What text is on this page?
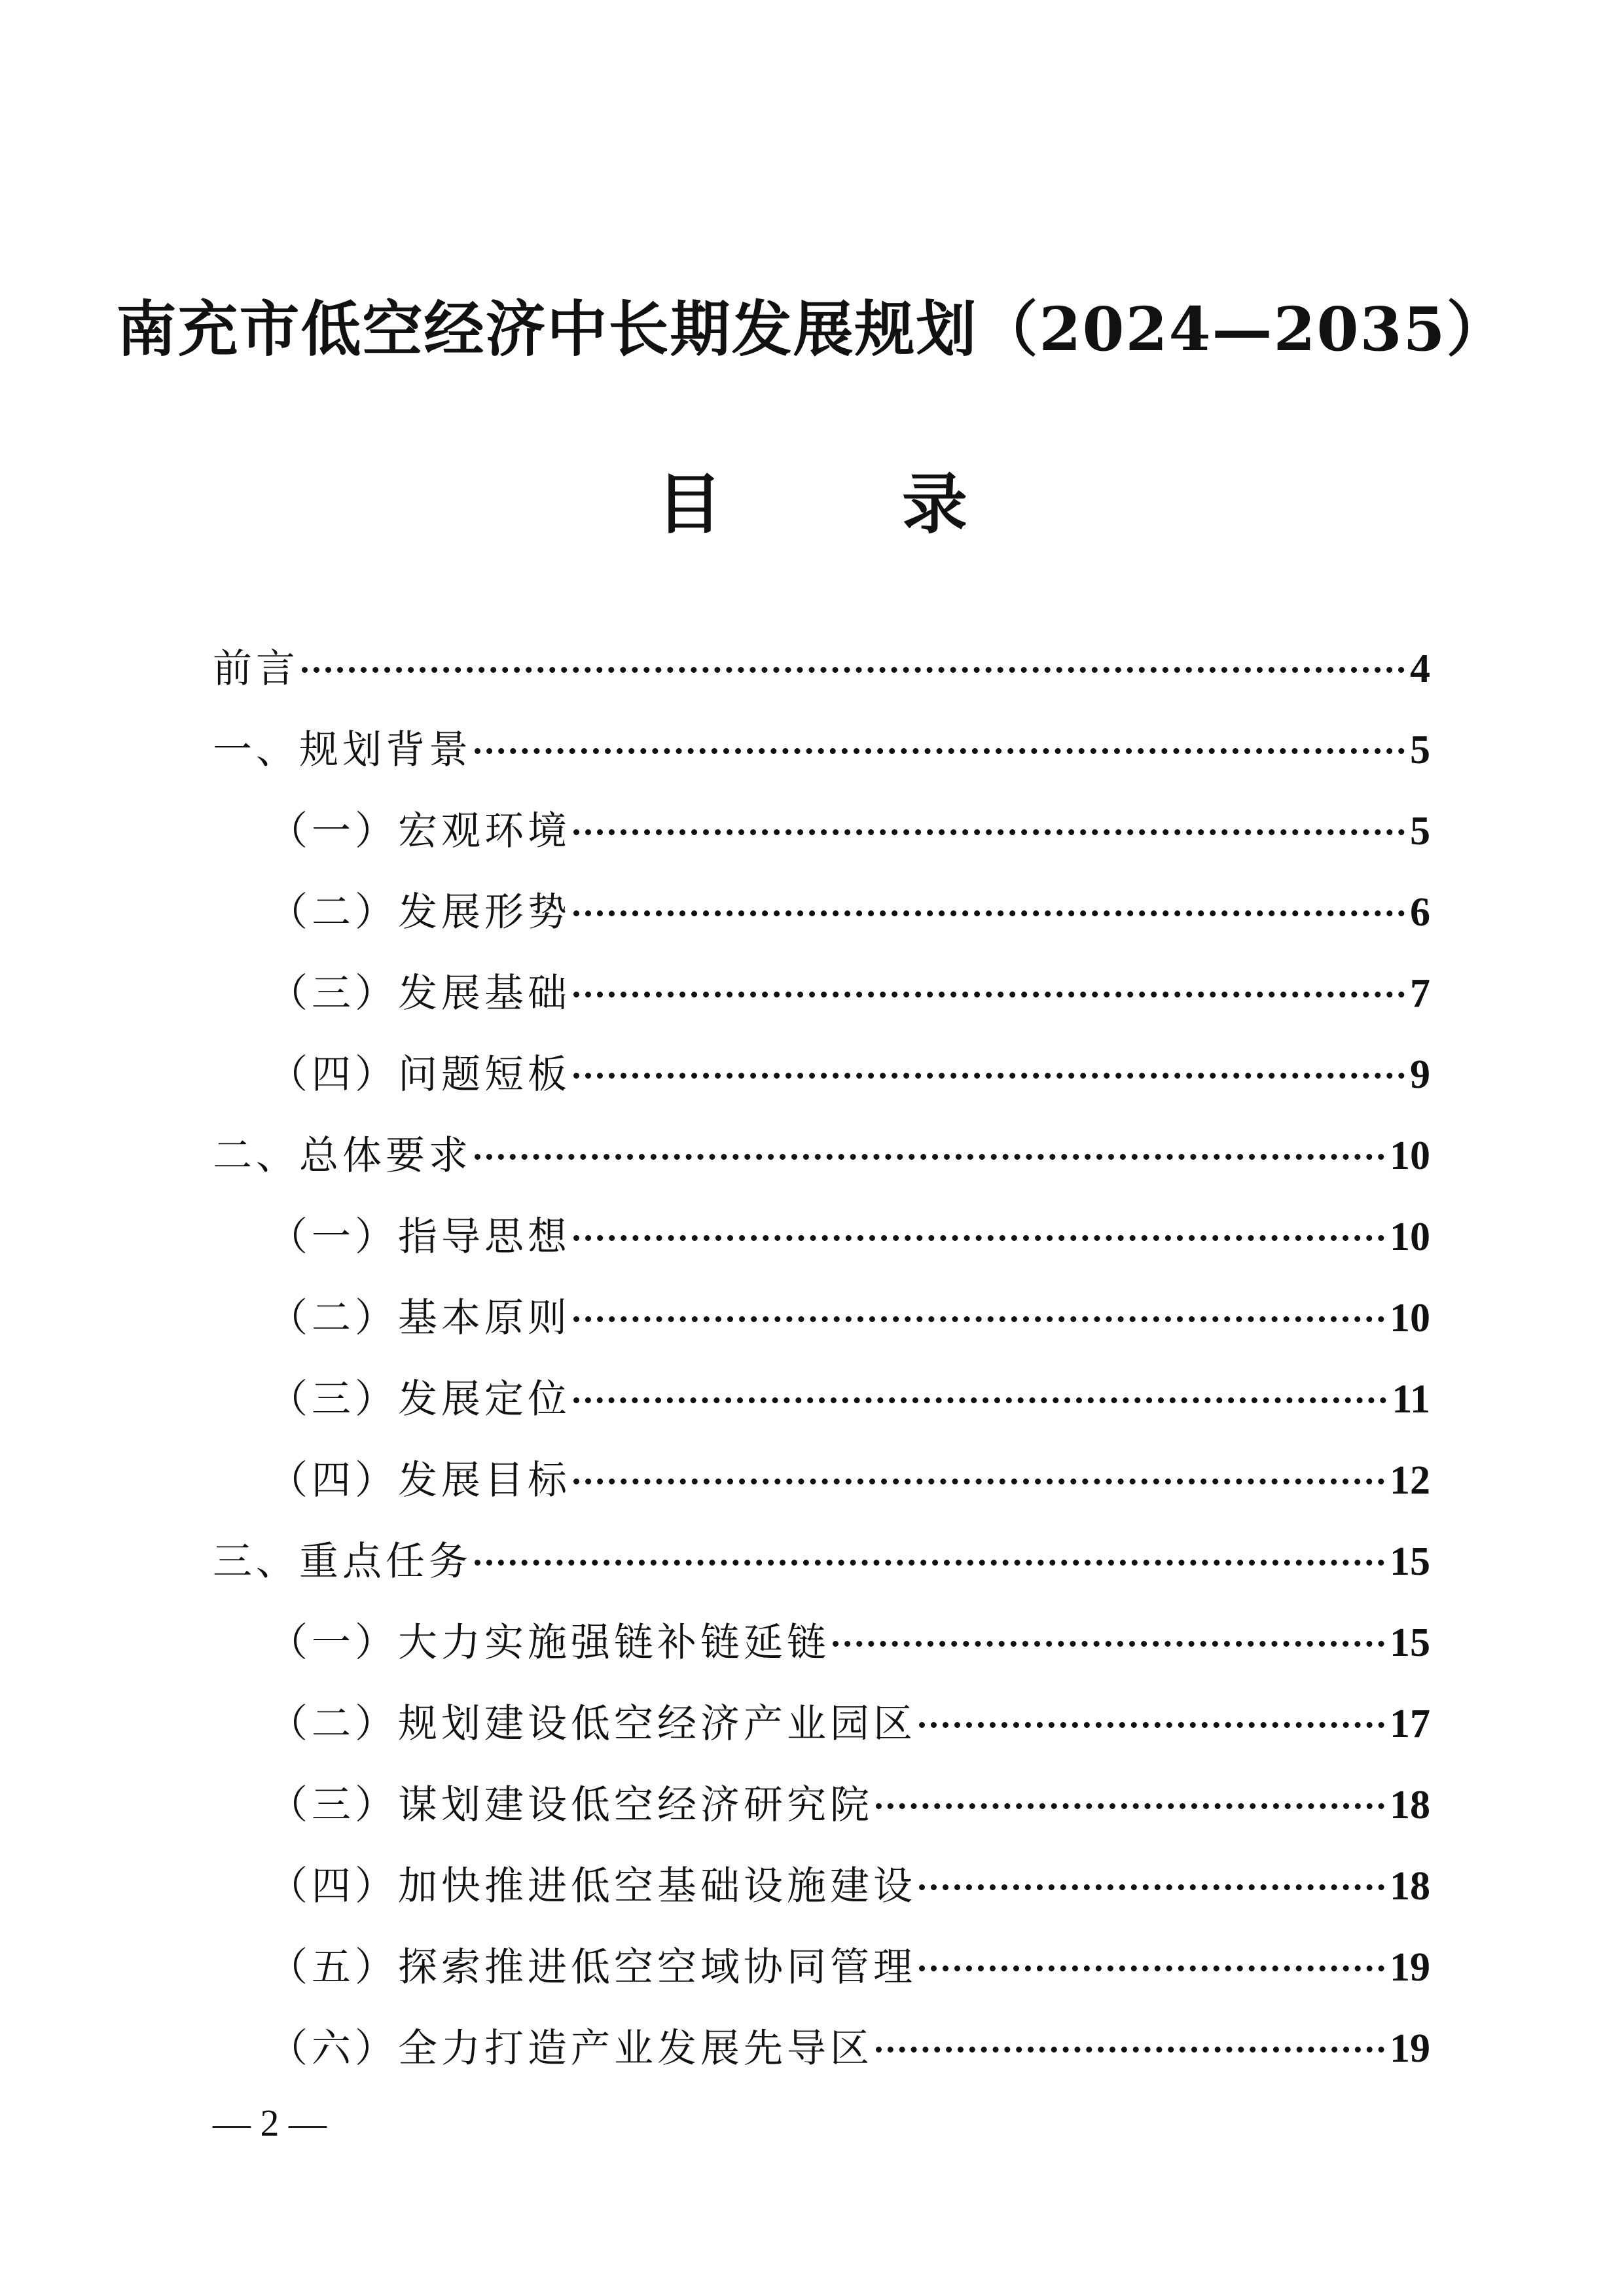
南充市低空经济中长期发展规划（2024—2035）
目 录
前言	4
一、规划背景	5
（一）宏观环境	5
（二）发展形势	6
（三）发展基础	7
（四）问题短板	9
二、总体要求	10
（一）指导思想	10
（二）基本原则	10
（三）发展定位	11
（四）发展目标	12
三、重点任务	15
（一）大力实施强链补链延链	15
（二）规划建设低空经济产业园区	17
（三）谋划建设低空经济研究院	18
（四）加快推进低空基础设施建设	18
（五）探索推进低空空域协同管理	19
（六）全力打造产业发展先导区	19
— 2 —
